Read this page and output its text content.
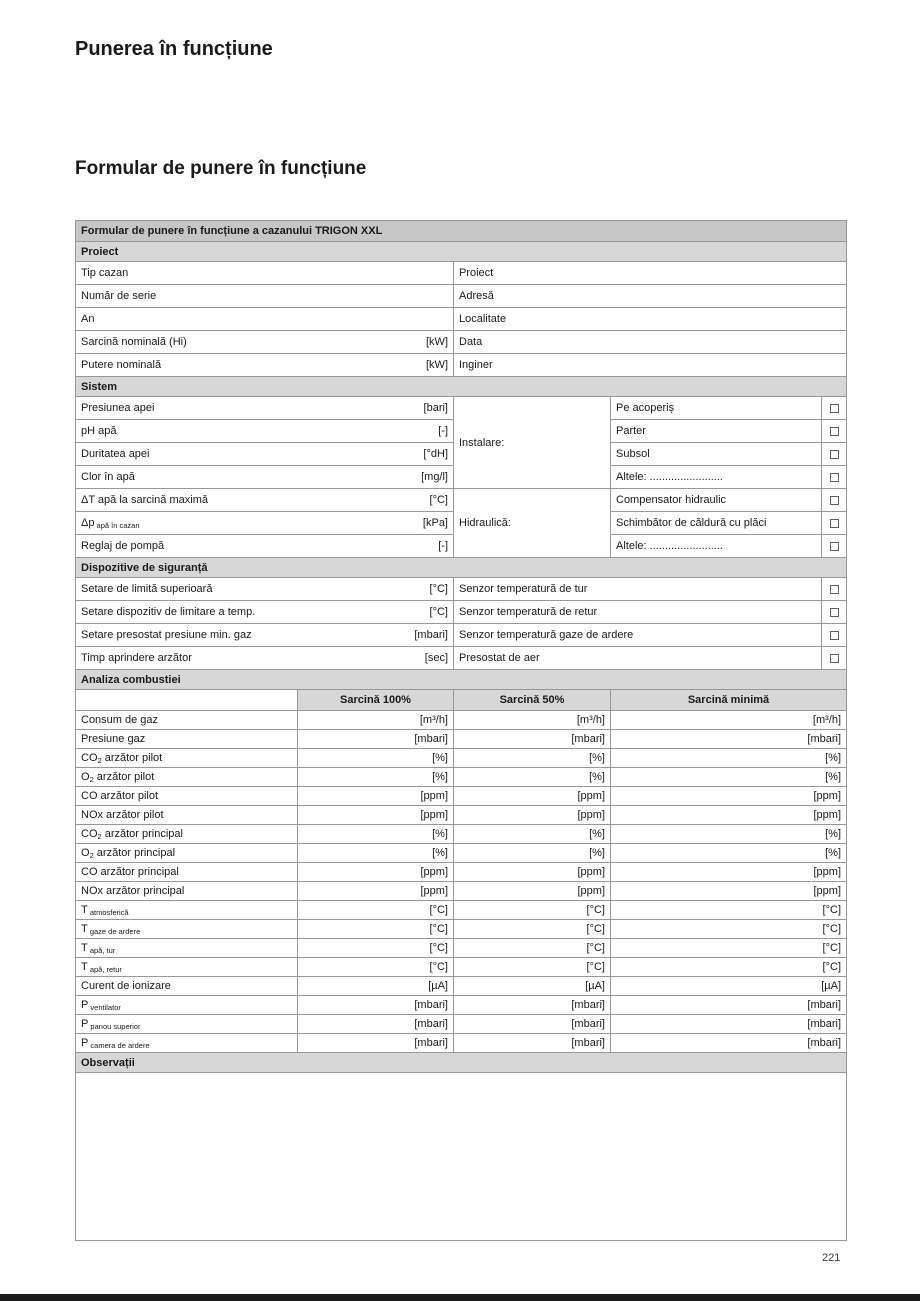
Punerea în funcțiune
Formular de punere în funcțiune
Formular de punere în funcțiune a cazanului TRIGON XXL
Proiect	

Tip cazan	Proiect

Număr de serie	Adresă

An	Localitate

Sarcină nominală (Hi) [kW]	Data

Putere nominală [kW]	Inginer
Sistem			

Presiunea apei [bari]	Instalare:	Pe acoperiș	

pH apă [-]		Parter	

Duritatea apei [°dH]		Subsol	

Clor în apă [mg/l]		Altele: ........................	

ΔT apă la sarcină maximă [°C]	Hidraulică:	Compensator hidraulic	

Δp $_{apă în cazan}$ [kPa]		Schimbător de căldură cu plăci	

Reglaj de pompă [-]		Altele: ........................	
Dispozitive de siguranță		

Setare de limită superioară [°C]	Senzor temperatură de tur	

Setare dispozitiv de limitare a temp. [°C]	Senzor temperatură de retur	

Setare presostat presiune min. gaz [mbari]	Senzor temperatură gaze de ardere	

Timp aprindere arzător [sec]	Presostat de aer	
Analiza combustiei			
	Sarcină 100%	Sarcină 50%	Sarcină minimă
Consum de gaz	[m³/h]	[m³/h]	[m³/h]
Presiune gaz	[mbari]	[mbari]	[mbari]
$CO_2$ arzător pilot	[%]	[%]	[%]
$O_2$ arzător pilot	[%]	[%]	[%]
CO arzător pilot	[ppm]	[ppm]	[ppm]
NOx arzător pilot	[ppm]	[ppm]	[ppm]
$CO_2$ arzător principal	[%]	[%]	[%]
$O_2$ arzător principal	[%]	[%]	[%]
CO arzător principal	[ppm]	[ppm]	[ppm]
NOx arzător principal	[ppm]	[ppm]	[ppm]
T $_{atmosferică}$	[°C]	[°C]	[°C]
T $_{gaze de ardere}$	[°C]	[°C]	[°C]
T $_{apă, tur}$	[°C]	[°C]	[°C]
T $_{apă, retur}$	[°C]	[°C]	[°C]
Curent de ionizare	[µA]	[µA]	[µA]
P $_{ventilator}$	[mbari]	[mbari]	[mbari]
P $_{panou superior}$	[mbari]	[mbari]	[mbari]
P $_{camera de ardere}$	[mbari]	[mbari]	[mbari]
Observații

221
